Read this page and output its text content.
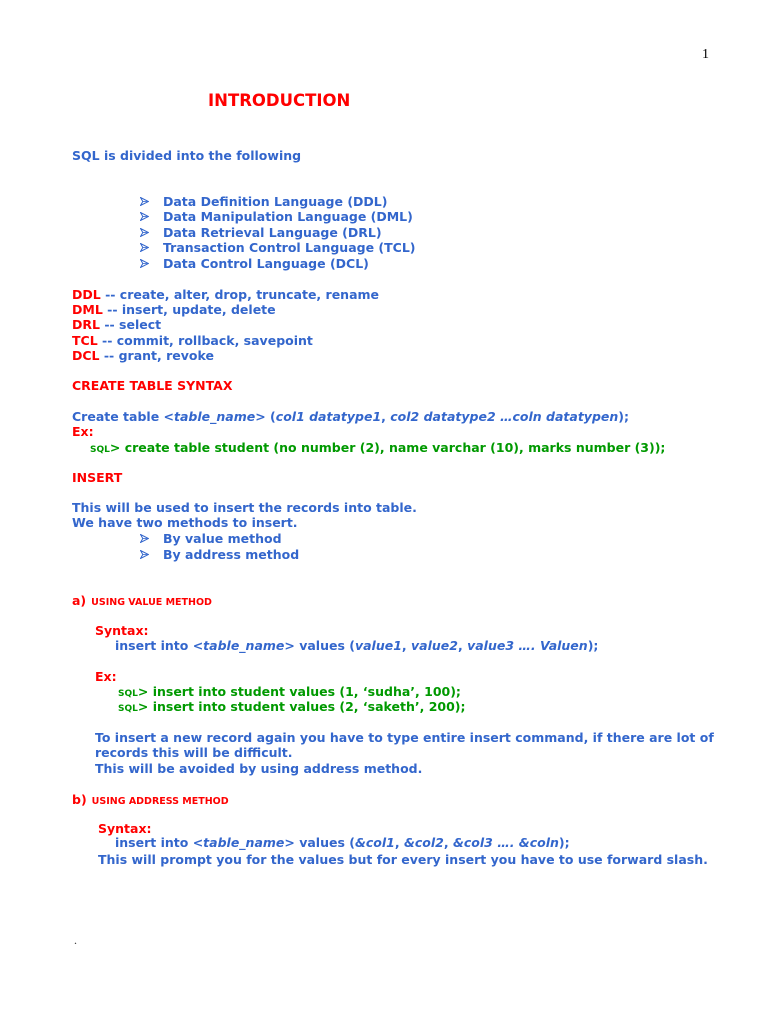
1
INTRODUCTION
SQL is divided into the following

Data Definition Language (DDL)

Data Manipulation Language (DML)

Data Retrieval Language (DRL)

Transaction Control Language (TCL)

Data Control Language (DCL)

DDL -- create, alter, drop, truncate, rename
DML -- insert, update, delete
DRL -- select
TCL -- commit, rollback, savepoint
DCL -- grant, revoke
CREATE TABLE SYNTAX
Create table <table_name> (col1 datatype1, col2 datatype2 …coln datatypen);
Ex:
SQL> create table student (no number (2), name varchar (10), marks number (3));
INSERT
This will be used to insert the records into table.
We have two methods to insert.

By value method

By address method

a) USING VALUE METHOD
Syntax:
insert into <table_name> values (value1, value2, value3 …. Valuen);
Ex:
SQL> insert into student values (1, ‘sudha’, 100);
SQL> insert into student values (2, ‘saketh’, 200);
To insert a new record again you have to type entire insert command, if there are lot of
records this will be difficult.
This will be avoided by using address method.
b) USING ADDRESS METHOD
Syntax:
insert into <table_name> values (&col1, &col2, &col3 …. &coln);
This will prompt you for the values but for every insert you have to use forward slash.
.
